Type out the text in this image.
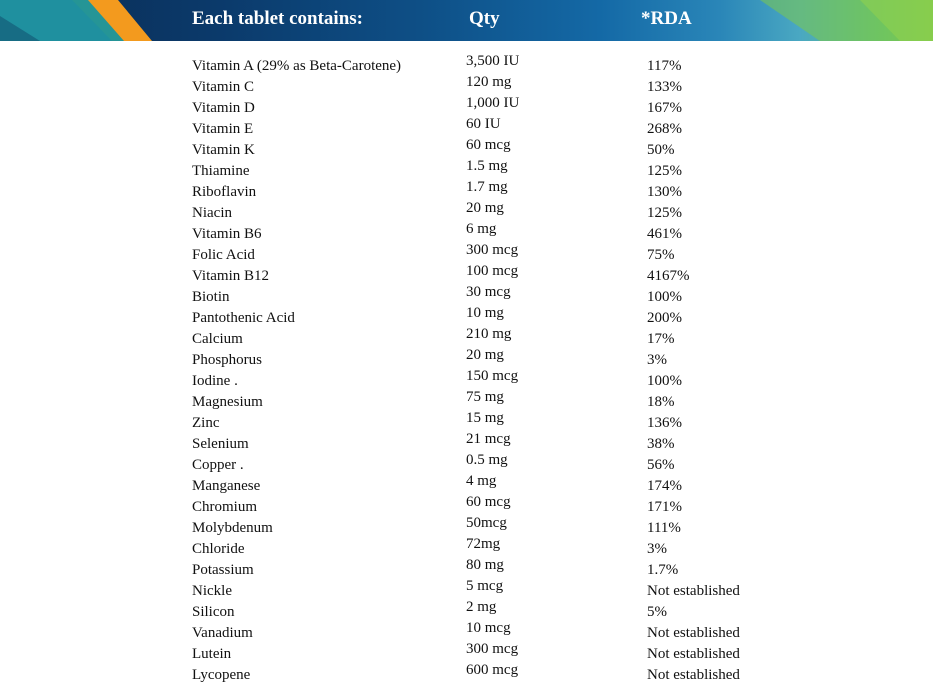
Each tablet contains:	Qty	*RDA
Vitamin A (29% as Beta-Carotene)	3,500 IU	117%
Vitamin C	120 mg	133%
Vitamin D	1,000 IU	167%
Vitamin E	60 IU	268%
Vitamin K	60 mcg	50%
Thiamine	1.5 mg	125%
Riboflavin	1.7 mg	130%
Niacin	20 mg	125%
Vitamin B6	6 mg	461%
Folic Acid	300 mcg	75%
Vitamin B12	100 mcg	4167%
Biotin	30 mcg	100%
Pantothenic Acid	10 mg	200%
Calcium	210 mg	17%
Phosphorus	20 mg	3%
Iodine .	150 mcg	100%
Magnesium	75 mg	18%
Zinc	15 mg	136%
Selenium	21 mcg	38%
Copper .	0.5 mg	56%
Manganese	4 mg	174%
Chromium	60 mcg	171%
Molybdenum	50mcg	111%
Chloride	72mg	3%
Potassium	80 mg	1.7%
Nickle	5 mcg	Not established
Silicon	2 mg	5%
Vanadium	10 mcg	Not established
Lutein	300 mcg	Not established
Lycopene	600 mcg	Not established
